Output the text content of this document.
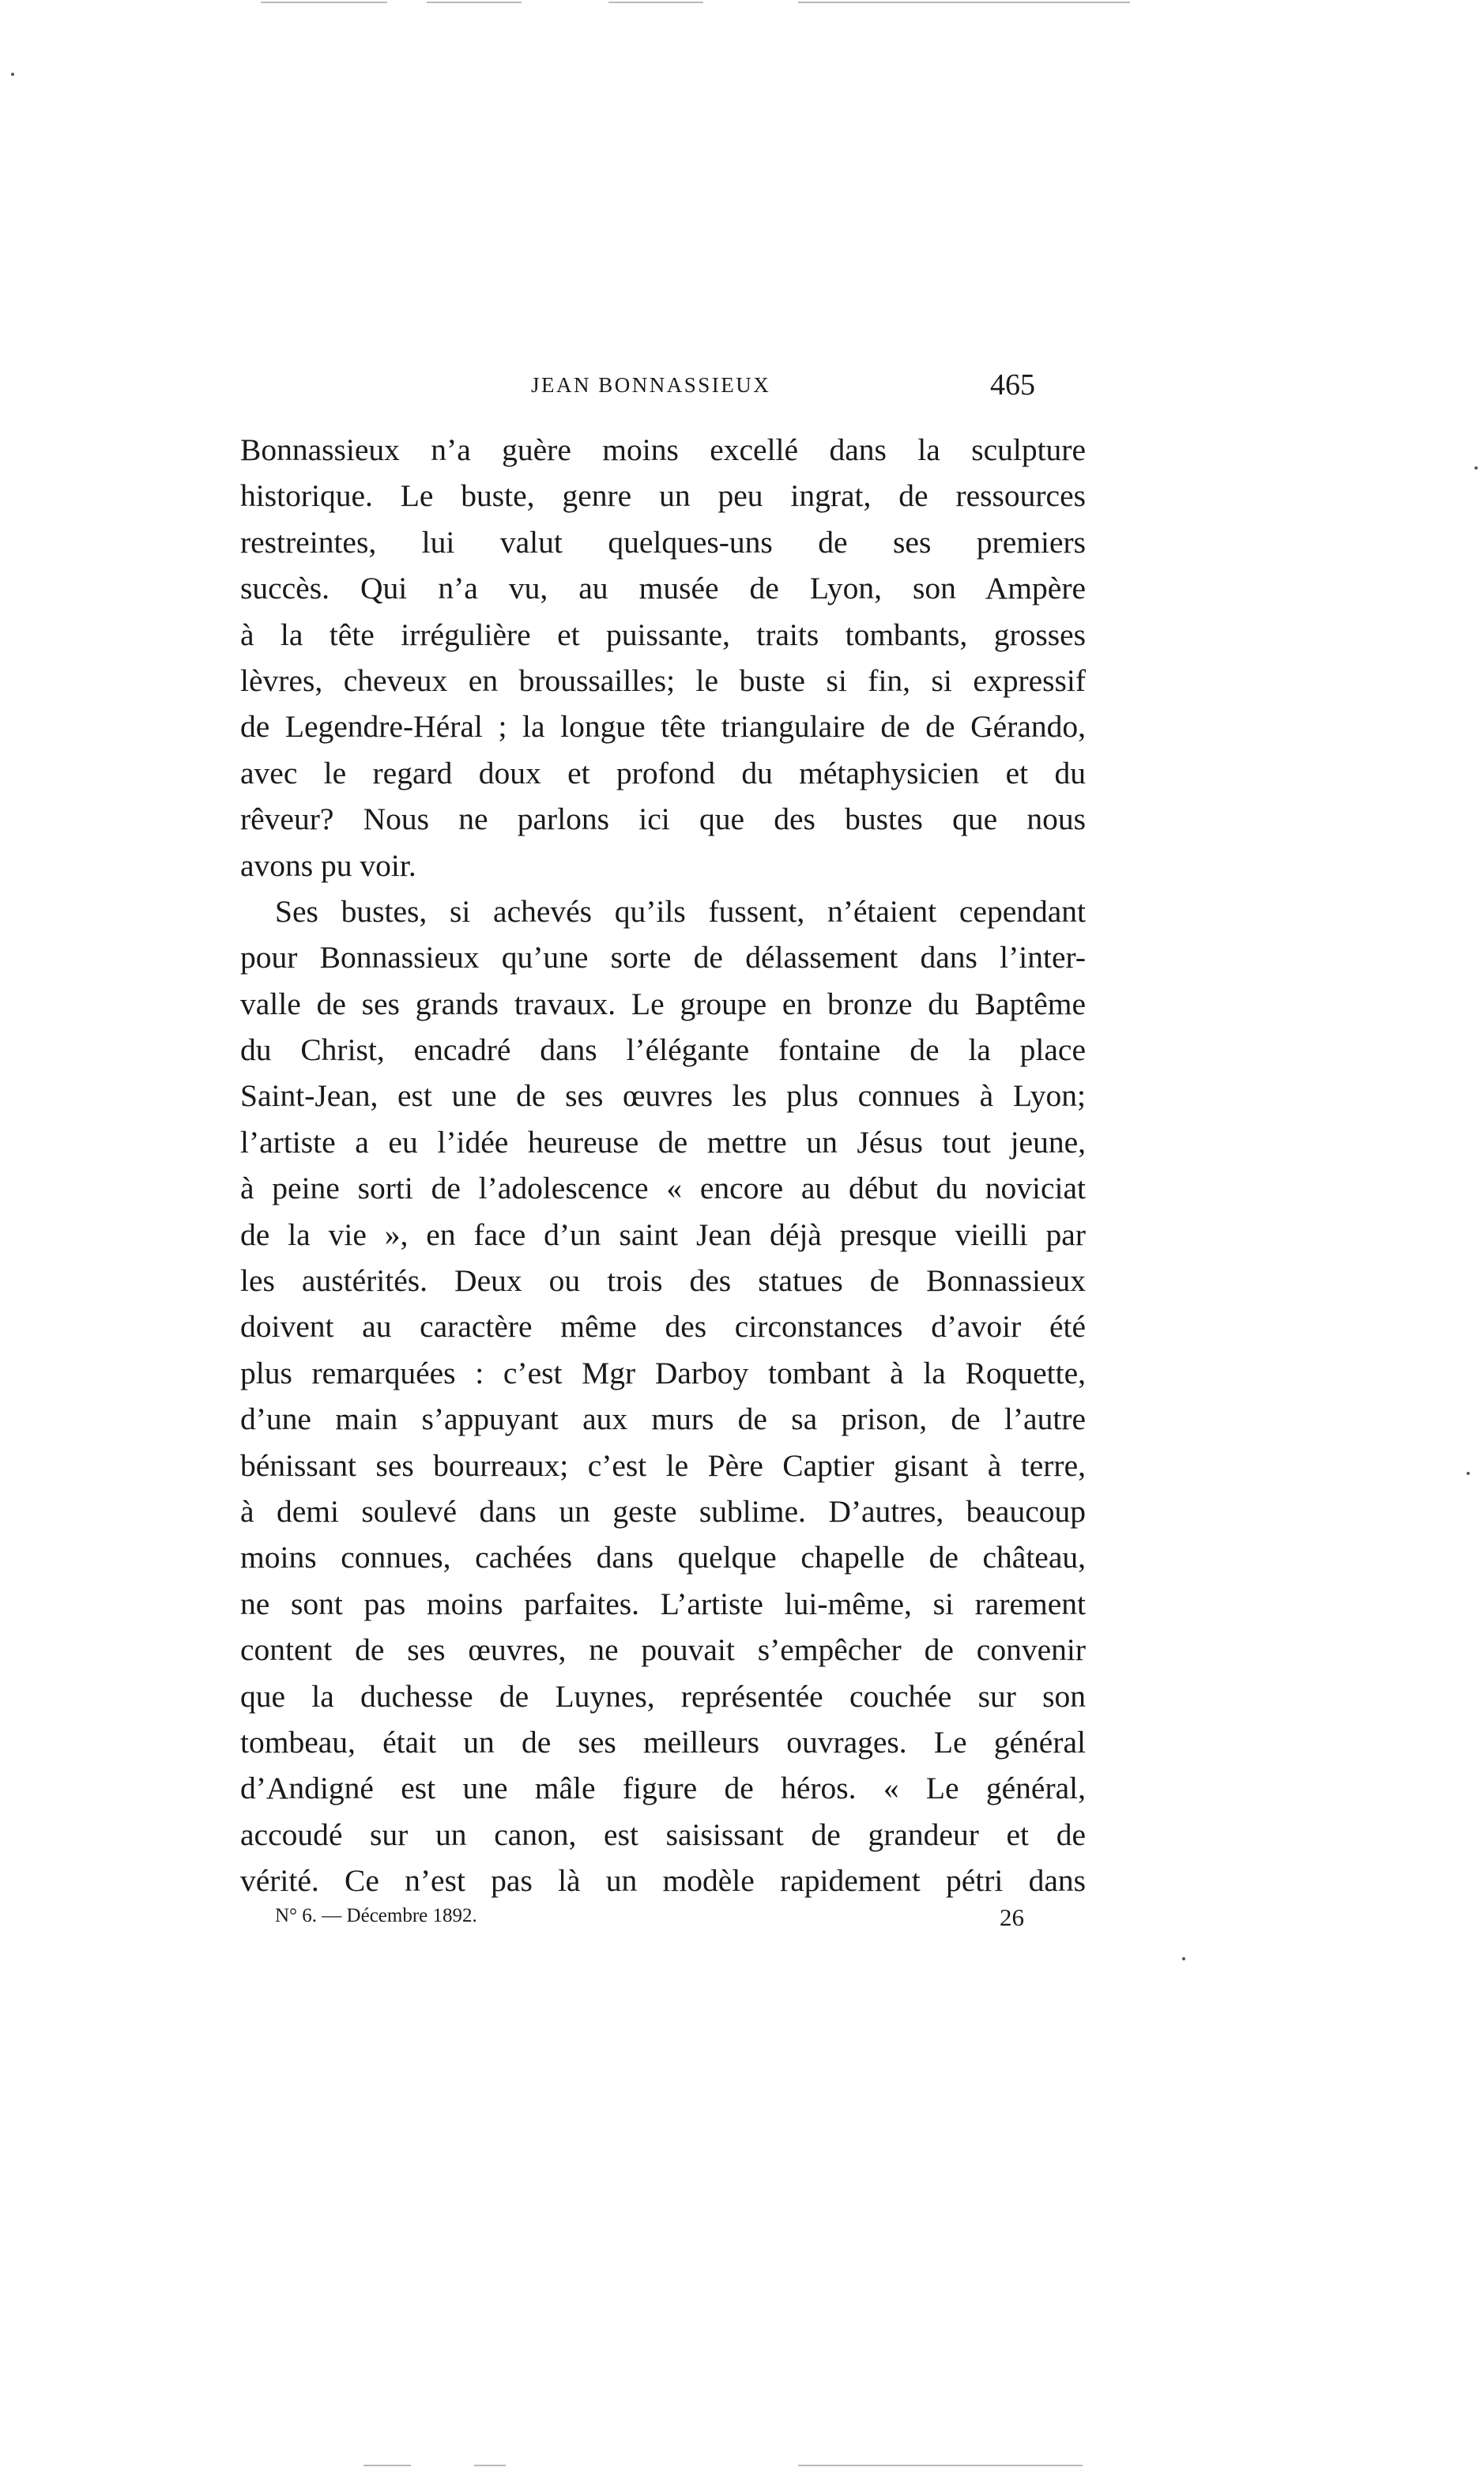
JEAN BONNASSIEUX	465
Bonnassieux n’a guère moins excellé dans la sculpture
historique. Le buste, genre un peu ingrat, de ressources
restreintes, lui valut quelques-uns de ses premiers
succès. Qui n’a vu, au musée de Lyon, son Ampère
à la tête irrégulière et puissante, traits tombants, grosses
lèvres, cheveux en broussailles; le buste si fin, si expressif
de Legendre-Héral ; la longue tête triangulaire de de Gérando,
avec le regard doux et profond du métaphysicien et du
rêveur? Nous ne parlons ici que des bustes que nous
avons pu voir.
Ses bustes, si achevés qu’ils fussent, n’étaient cependant
pour Bonnassieux qu’une sorte de délassement dans l’inter-
valle de ses grands travaux. Le groupe en bronze du Baptême
du Christ, encadré dans l’élégante fontaine de la place
Saint-Jean, est une de ses œuvres les plus connues à Lyon;
l’artiste a eu l’idée heureuse de mettre un Jésus tout jeune,
à peine sorti de l’adolescence « encore au début du noviciat
de la vie », en face d’un saint Jean déjà presque vieilli par
les austérités. Deux ou trois des statues de Bonnassieux
doivent au caractère même des circonstances d’avoir été
plus remarquées : c’est Mgr Darboy tombant à la Roquette,
d’une main s’appuyant aux murs de sa prison, de l’autre
bénissant ses bourreaux; c’est le Père Captier gisant à terre,
à demi soulevé dans un geste sublime. D’autres, beaucoup
moins connues, cachées dans quelque chapelle de château,
ne sont pas moins parfaites. L’artiste lui-même, si rarement
content de ses œuvres, ne pouvait s’empêcher de convenir
que la duchesse de Luynes, représentée couchée sur son
tombeau, était un de ses meilleurs ouvrages. Le général
d’Andigné est une mâle figure de héros. « Le général,
accoudé sur un canon, est saisissant de grandeur et de
vérité. Ce n’est pas là un modèle rapidement pétri dans
N° 6. — Décembre 1892.	26
